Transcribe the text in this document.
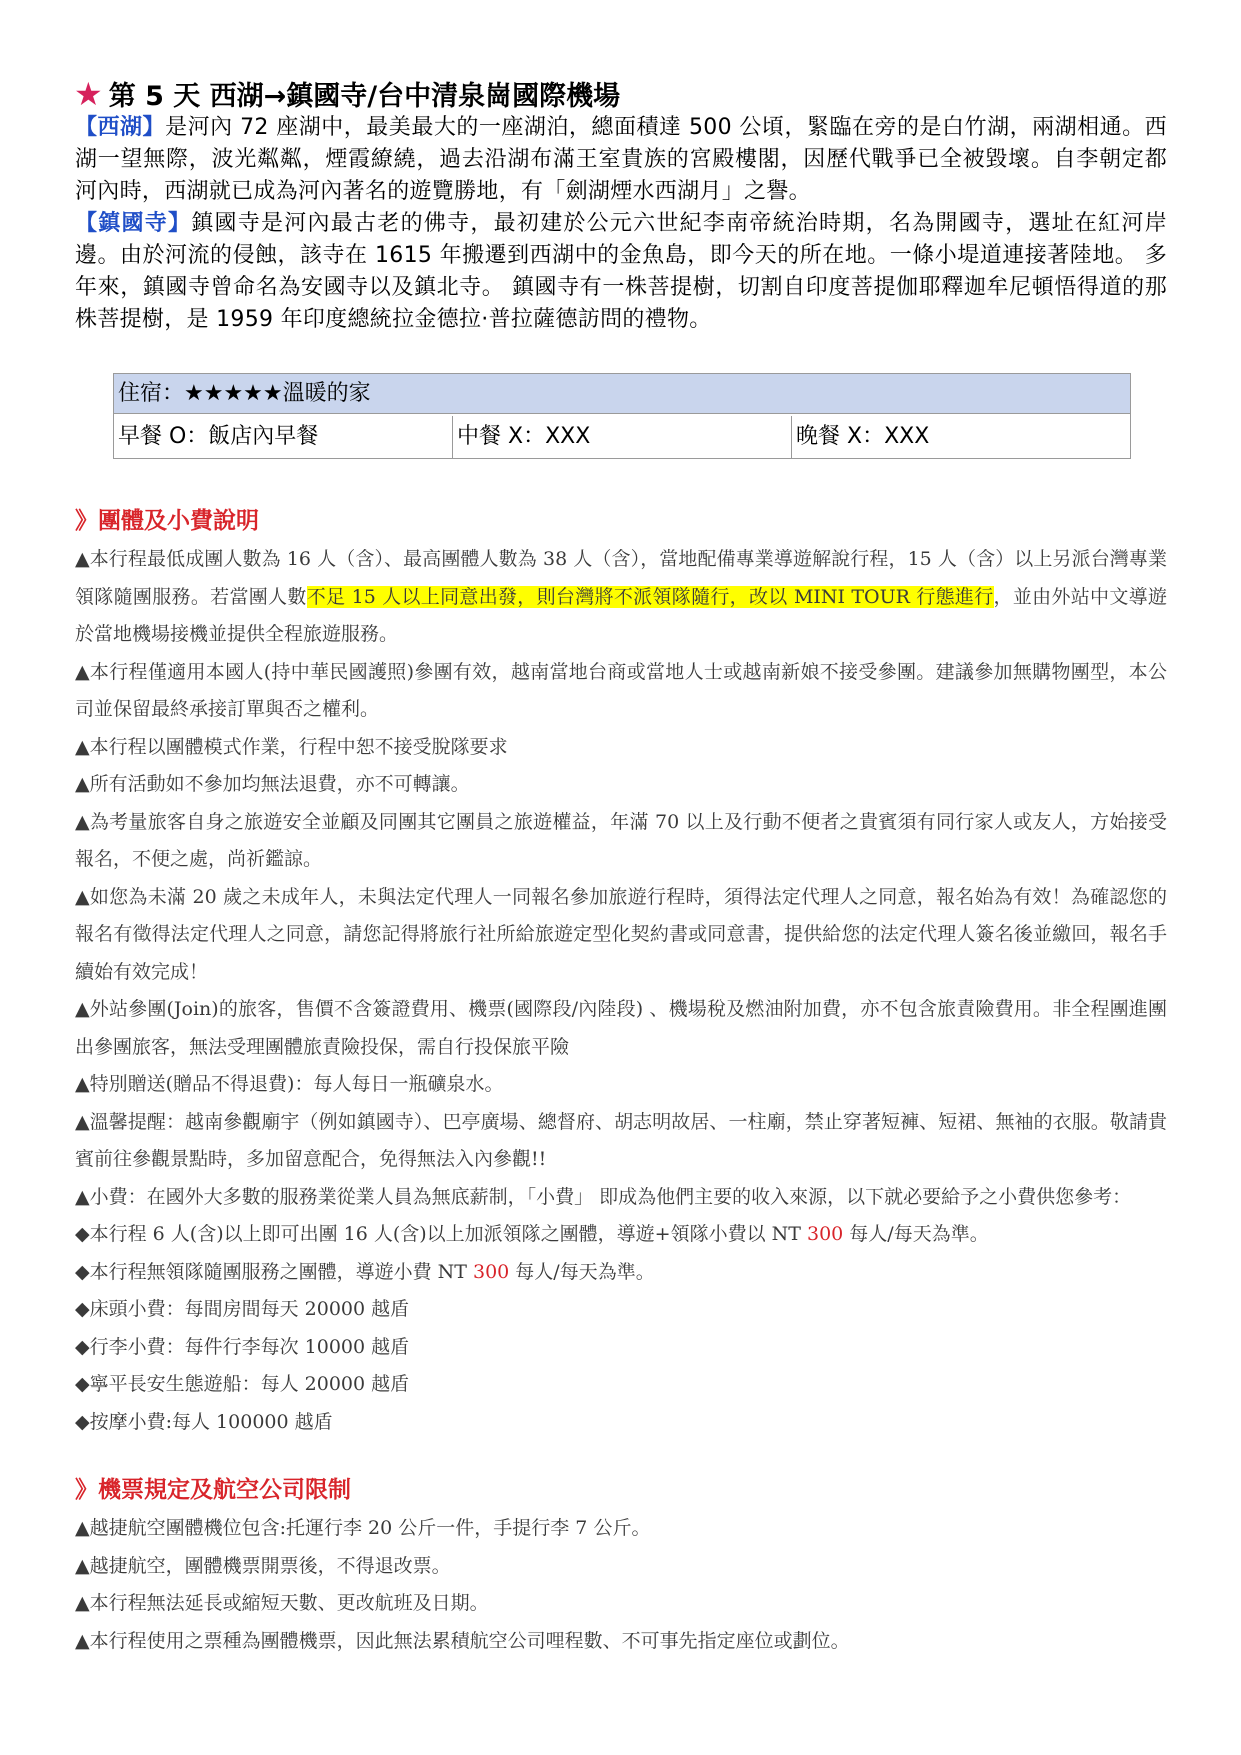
★ 第 5 天 西湖→鎮國寺/台中清泉崗國際機場
【西湖】是河內 72 座湖中，最美最大的一座湖泊，總面積達 500 公頃，緊臨在旁的是白竹湖，兩湖相通。西湖一望無際，波光粼粼，煙霞繚繞，過去沿湖布滿王室貴族的宮殿樓閣，因歷代戰爭已全被毀壞。自李朝定都河內時，西湖就已成為河內著名的遊覽勝地，有「劍湖煙水西湖月」之譽。
【鎮國寺】鎮國寺是河內最古老的佛寺，最初建於公元六世紀李南帝統治時期，名為開國寺，選址在紅河岸邊。由於河流的侵蝕，該寺在 1615 年搬遷到西湖中的金魚島，即今天的所在地。一條小堤道連接著陸地。 多年來，鎮國寺曾命名為安國寺以及鎮北寺。 鎮國寺有一株菩提樹，切割自印度菩提伽耶釋迦牟尼頓悟得道的那株菩提樹，是 1959 年印度總統拉金德拉·普拉薩德訪問的禮物。
住宿：★★★★★溫暖的家
早餐 O：飯店內早餐	中餐 X：XXX	晚餐 X：XXX
》團體及小費說明

▲本行程最低成團人數為 16 人（含）、最高團體人數為 38 人（含），當地配備專業導遊解說行程，15 人（含）以上另派台灣專業領隊隨團服務。若當團人數不足 15 人以上同意出發，則台灣將不派領隊隨行，改以 MINI TOUR 行態進行，並由外站中文導遊於當地機場接機並提供全程旅遊服務。

▲本行程僅適用本國人(持中華民國護照)參團有效，越南當地台商或當地人士或越南新娘不接受參團。建議參加無購物團型，本公司並保留最終承接訂單與否之權利。

▲本行程以團體模式作業，行程中恕不接受脫隊要求

▲所有活動如不參加均無法退費，亦不可轉讓。

▲為考量旅客自身之旅遊安全並顧及同團其它團員之旅遊權益，年滿 70 以上及行動不便者之貴賓須有同行家人或友人，方始接受報名，不便之處，尚祈鑑諒。

▲如您為未滿 20 歲之未成年人，未與法定代理人一同報名參加旅遊行程時，須得法定代理人之同意，報名始為有效！為確認您的報名有徵得法定代理人之同意，請您記得將旅行社所給旅遊定型化契約書或同意書，提供給您的法定代理人簽名後並繳回，報名手續始有效完成！

▲外站參團(Join)的旅客，售價不含簽證費用、機票(國際段/內陸段) 、機場稅及燃油附加費，亦不包含旅責險費用。非全程團進團出參團旅客，無法受理團體旅責險投保，需自行投保旅平險

▲特別贈送(贈品不得退費)：每人每日一瓶礦泉水。

▲溫馨提醒：越南參觀廟宇（例如鎮國寺）、巴亭廣場、總督府、胡志明故居、一柱廟，禁止穿著短褲、短裙、無袖的衣服。敬請貴賓前往參觀景點時，多加留意配合，免得無法入內參觀!!

▲小費：在國外大多數的服務業從業人員為無底薪制，「小費」 即成為他們主要的收入來源，以下就必要給予之小費供您參考：

◆本行程 6 人(含)以上即可出團 16 人(含)以上加派領隊之團體，導遊+領隊小費以 NT 300 每人/每天為準。

◆本行程無領隊隨團服務之團體，導遊小費 NT 300 每人/每天為準。

◆床頭小費：每間房間每天 20000 越盾

◆行李小費：每件行李每次 10000 越盾

◆寧平長安生態遊船：每人 20000 越盾

◆按摩小費:每人 100000 越盾

》機票規定及航空公司限制

▲越捷航空團體機位包含:托運行李 20 公斤一件，手提行李 7 公斤。

▲越捷航空，團體機票開票後，不得退改票。

▲本行程無法延長或縮短天數、更改航班及日期。

▲本行程使用之票種為團體機票，因此無法累積航空公司哩程數、不可事先指定座位或劃位。
